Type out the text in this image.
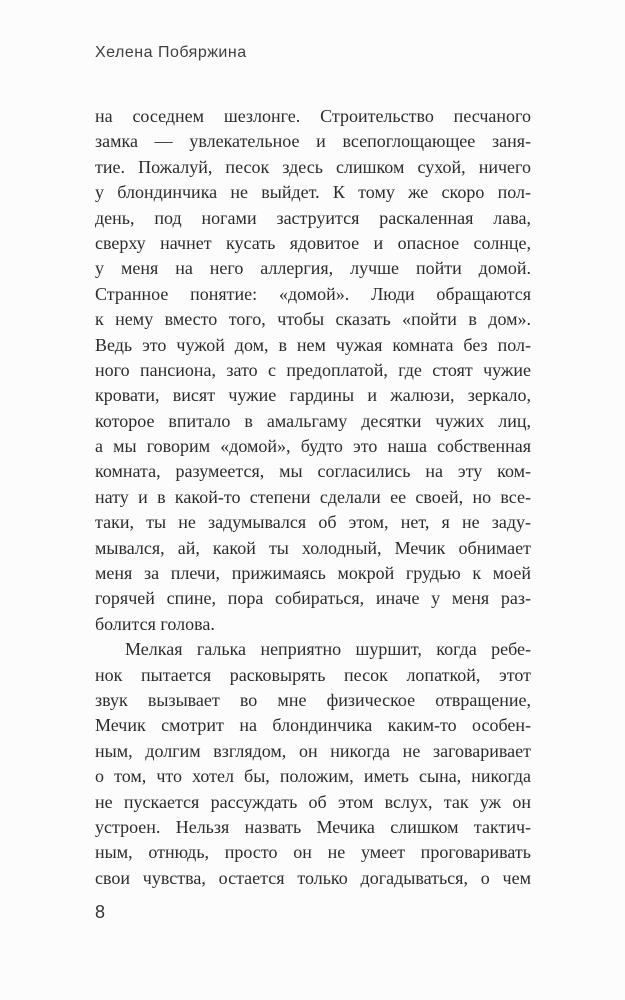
Хелена Побяржина
на соседнем шезлонге. Строительство песчаного
замка — увлекательное и всепоглощающее заня-
тие. Пожалуй, песок здесь слишком сухой, ничего
у блондинчика не выйдет. К тому же скоро пол-
день, под ногами заструится раскаленная лава,
сверху начнет кусать ядовитое и опасное солнце,
у меня на него аллергия, лучше пойти домой.
Странное понятие: «домой». Люди обращаются
к нему вместо того, чтобы сказать «пойти в дом».
Ведь это чужой дом, в нем чужая комната без пол-
ного пансиона, зато с предоплатой, где стоят чужие
кровати, висят чужие гардины и жалюзи, зеркало,
которое впитало в амальгаму десятки чужих лиц,
а мы говорим «домой», будто это наша собственная
комната, разумеется, мы согласились на эту ком-
нату и в какой-то степени сделали ее своей, но все-
таки, ты не задумывался об этом, нет, я не заду-
мывался, ай, какой ты холодный, Мечик обнимает
меня за плечи, прижимаясь мокрой грудью к моей
горячей спине, пора собираться, иначе у меня раз-
болится голова.
Мелкая галька неприятно шуршит, когда ребе-
нок пытается расковырять песок лопаткой, этот
звук вызывает во мне физическое отвращение,
Мечик смотрит на блондинчика каким-то особен-
ным, долгим взглядом, он никогда не заговаривает
о том, что хотел бы, положим, иметь сына, никогда
не пускается рассуждать об этом вслух, так уж он
устроен. Нельзя назвать Мечика слишком тактич-
ным, отнюдь, просто он не умеет проговаривать
свои чувства, остается только догадываться, о чем
8
